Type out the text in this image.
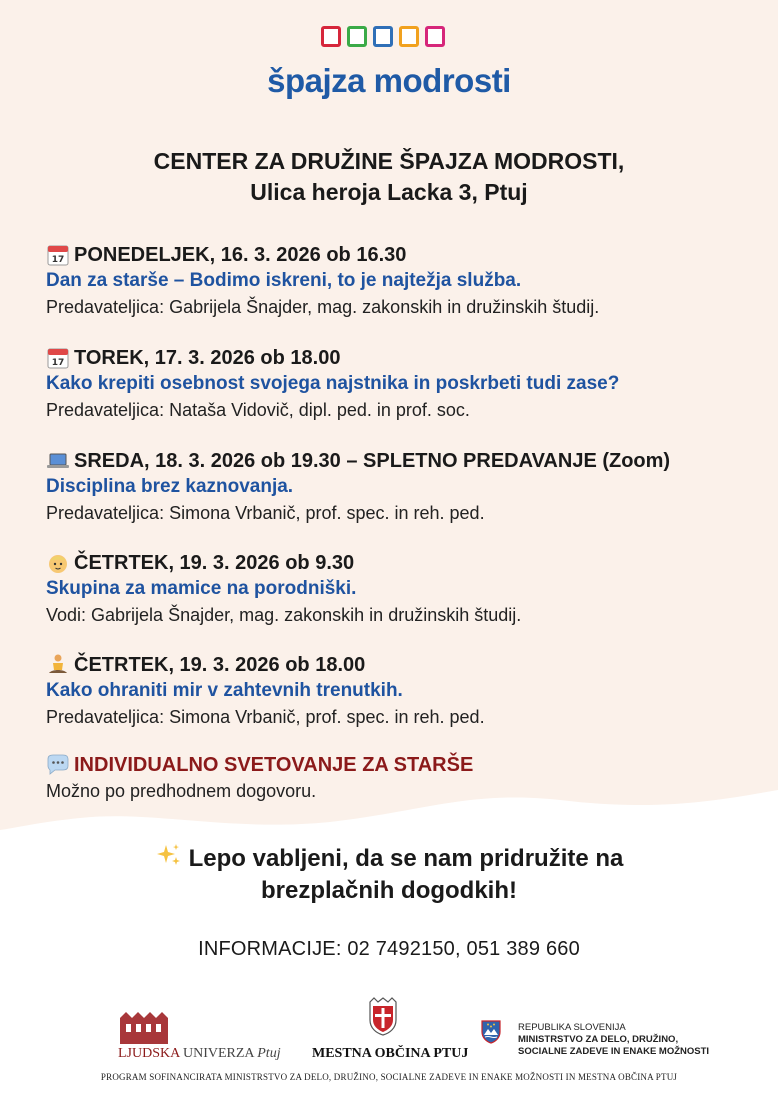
špajza modrosti
CENTER ZA DRUŽINE ŠPAJZA MODROSTI,
Ulica heroja Lacka 3, Ptuj
17 PONEDELJEK, 16. 3. 2026 ob 16.30
Dan za starše – Bodimo iskreni, to je najtežja služba.
Predavateljica: Gabrijela Šnajder, mag. zakonskih in družinskih študij.
17 TOREK, 17. 3. 2026 ob 18.00
Kako krepiti osebnost svojega najstnika in poskrbeti tudi zase?
Predavateljica: Nataša Vidovič, dipl. ped. in prof. soc.
SREDA, 18. 3. 2026 ob 19.30 – SPLETNO PREDAVANJE (Zoom)
Disciplina brez kaznovanja.
Predavateljica: Simona Vrbanič, prof. spec. in reh. ped.
ČETRTEK, 19. 3. 2026 ob 9.30
Skupina za mamice na porodniški.
Vodi: Gabrijela Šnajder, mag. zakonskih in družinskih študij.
ČETRTEK, 19. 3. 2026 ob 18.00
Kako ohraniti mir v zahtevnih trenutkih.
Predavateljica: Simona Vrbanič, prof. spec. in reh. ped.
INDIVIDUALNO SVETOVANJE ZA STARŠE
Možno po predhodnem dogovoru.
Lepo vabljeni, da se nam pridružite na
brezplačnih dogodkih!
INFORMACIJE: 02 7492150, 051 389 660
LJUDSKA UNIVERZA Ptuj MESTNA OBČINA PTUJ
REPUBLIKA SLOVENIJA
MINISTRSTVO ZA DELO, DRUŽINO,
SOCIALNE ZADEVE IN ENAKE MOŽNOSTI
PROGRAM SOFINANCIRATA MINISTRSTVO ZA DELO, DRUŽINO, SOCIALNE ZADEVE IN ENAKE MOŽNOSTI IN MESTNA OBČINA PTUJ
